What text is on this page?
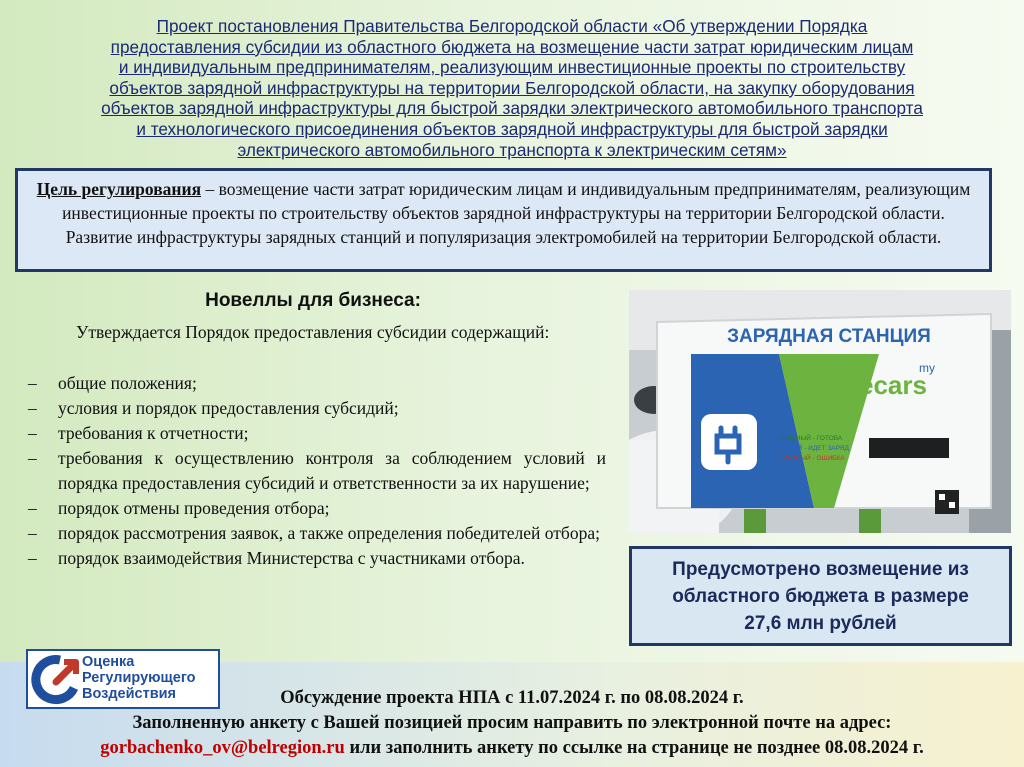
Проект постановления Правительства Белгородской области «Об утверждении Порядка
предоставления субсидии из областного бюджета на возмещение части затрат юридическим лицам
и индивидуальным предпринимателям, реализующим инвестиционные проекты по строительству
объектов зарядной инфраструктуры на территории Белгородской области, на закупку оборудования
объектов зарядной инфраструктуры для быстрой зарядки электрического автомобильного транспорта
и технологического присоединения объектов зарядной инфраструктуры для быстрой зарядки
электрического автомобильного транспорта к электрическим сетям»
Цель регулирования – возмещение части затрат юридическим лицам и индивидуальным предпринимателям, реализующим инвестиционные проекты по строительству объектов зарядной инфраструктуры на территории Белгородской области. Развитие инфраструктуры зарядных станций и популяризация электромобилей на территории Белгородской области.
Новеллы для бизнеса:
Утверждается Порядок предоставления субсидии содержащий:
– общие положения;
– условия и порядок предоставления субсидий;
– требования к отчетности;
– требования к осуществлению контроля за соблюдением условий и порядка предоставления субсидий и ответственности за их нарушение;
– порядок отмены проведения отбора;
– порядок рассмотрения заявок, а также определения победителей отбора;
– порядок взаимодействия Министерства с участниками отбора.
ЗАРЯДНАЯ СТАНЦИЯ
my
ecars
ЗЕЛЕНЫЙ - ГОТОВА
СИНИЙ - ИДЕТ ЗАРЯД
КРАСНЫЙ - ОШИБКА
Предусмотрено возмещение из
областного бюджета в размере
27,6 млн рублей
Оценка
Регулирующего
Воздействия	Обсуждение проекта НПА с 11.07.2024 г. по 08.08.2024 г.
Заполненную анкету с Вашей позицией просим направить по электронной почте на адрес:
gorbachenko_ov@belregion.ru или заполнить анкету по ссылке на странице не позднее 08.08.2024 г.
